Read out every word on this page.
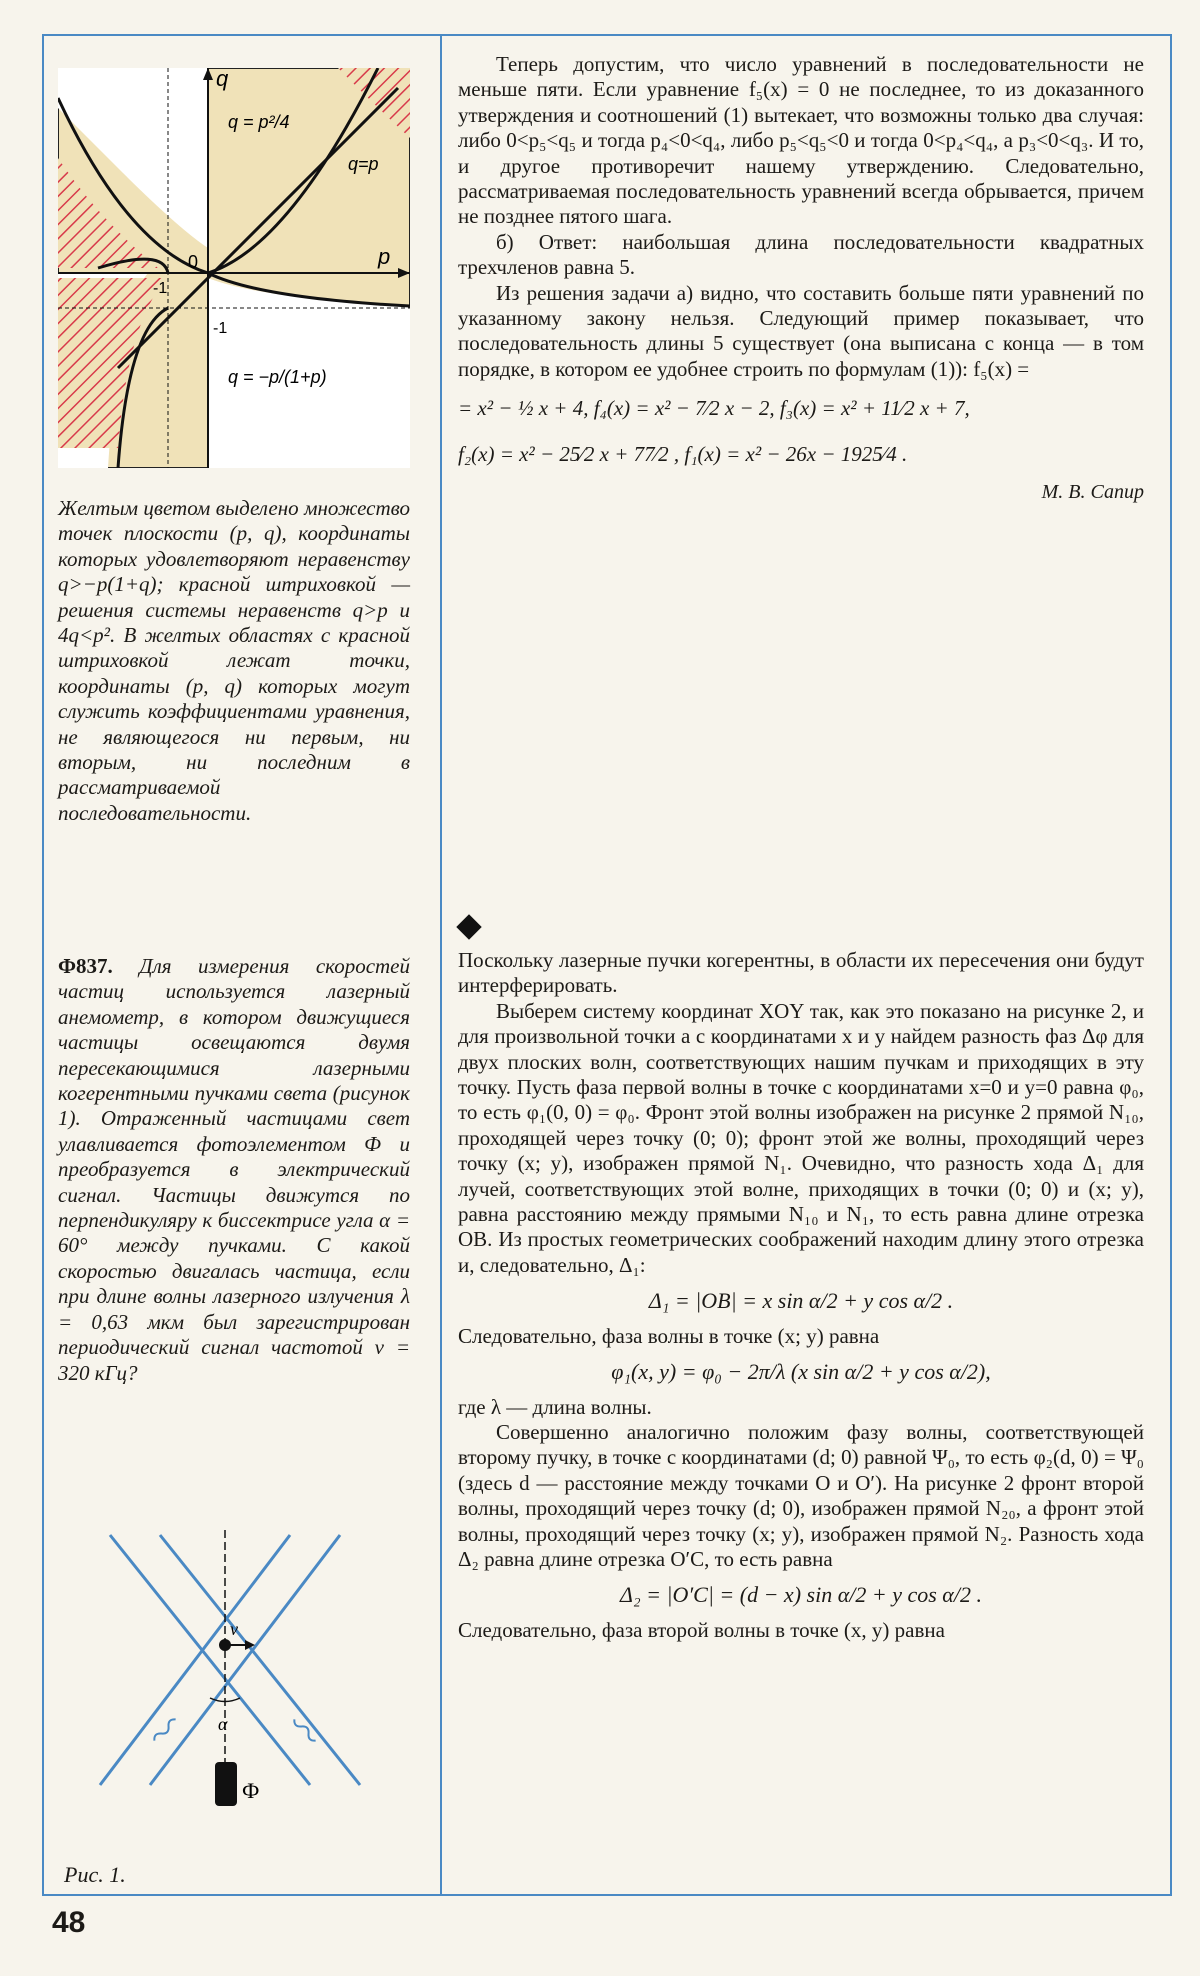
q
p
0
-1
-1
q = p²/4
q=p
q = −p/(1+p)
Желтым цветом выделено множество точек плоскости (p, q), координаты которых удовлетворяют неравенству q>−p(1+q); красной штриховкой — решения системы неравенств q>p и 4q<p². В желтых областях с красной штриховкой лежат точки, координаты (p, q) которых могут служить коэффициентами уравнения, не являющегося ни первым, ни вторым, ни последним в рассматриваемой последовательности.
Ф837. Для измерения скоростей частиц используется лазерный анемометр, в котором движущиеся частицы освещаются двумя пересекающимися лазерными когерентными пучками света (рисунок 1). Отраженный частицами свет улавливается фотоэлементом Ф и преобразуется в электрический сигнал. Частицы движутся по перпендикуляру к биссектрисе угла α = 60° между пучками. С какой скоростью двигалась частица, если при длине волны лазерного излучения λ = 0,63 мкм был зарегистрирован периодический сигнал частотой ν = 320 кГц?
v
α
Ф
Рис. 1.

Теперь допустим, что число уравнений в последовательности не меньше пяти. Если уравнение f₅(x) = 0 не последнее, то из доказанного утверждения и соотношений (1) вытекает, что возможны только два случая: либо 0<p₅<q₅ и тогда p₄<0<q₄, либо p₅<q₅<0 и тогда 0<p₄<q₄, а p₃<0<q₃. И то, и другое противоречит нашему утверждению. Следовательно, рассматриваемая последовательность уравнений всегда обрывается, причем не позднее пятого шага.

б) Ответ: наибольшая длина последовательности квадратных трехчленов равна 5.

Из решения задачи а) видно, что составить больше пяти уравнений по указанному закону нельзя. Следующий пример показывает, что последовательность длины 5 существует (она выписана с конца — в том порядке, в котором ее удобнее строить по формулам (1)): f₅(x) =

= x² − ½ x + 4, f₄(x) = x² − 7⁄2 x − 2, f₃(x) = x² + 11⁄2 x + 7,
f₂(x) = x² − 25⁄2 x + 77⁄2 , f₁(x) = x² − 26x − 1925⁄4 .
М. В. Сапир

Поскольку лазерные пучки когерентны, в области их пересечения они будут интерферировать.

Выберем систему координат XOY так, как это показано на рисунке 2, и для произвольной точки a с координатами x и y найдем разность фаз Δφ для двух плоских волн, соответствующих нашим пучкам и приходящих в эту точку. Пусть фаза первой волны в точке с координатами x=0 и y=0 равна φ₀, то есть φ₁(0, 0) = φ₀. Фронт этой волны изображен на рисунке 2 прямой N₁₀, проходящей через точку (0; 0); фронт этой же волны, проходящий через точку (x; y), изображен прямой N₁. Очевидно, что разность хода Δ₁ для лучей, соответствующих этой волне, приходящих в точки (0; 0) и (x; y), равна расстоянию между прямыми N₁₀ и N₁, то есть равна длине отрезка OB. Из простых геометрических соображений находим длину этого отрезка и, следовательно, Δ₁:

Δ₁ = |OB| = x sin α/2 + y cos α/2 .

Следовательно, фаза волны в точке (x; y) равна

φ₁(x, y) = φ₀ − 2π/λ (x sin α/2 + y cos α/2),

где λ — длина волны.

Совершенно аналогично положим фазу волны, соответствующей второму пучку, в точке с координатами (d; 0) равной Ψ₀, то есть φ₂(d, 0) = Ψ₀ (здесь d — расстояние между точками O и O′). На рисунке 2 фронт второй волны, проходящий через точку (d; 0), изображен прямой N₂₀, а фронт этой волны, проходящий через точку (x; y), изображен прямой N₂. Разность хода Δ₂ равна длине отрезка O′C, то есть равна

Δ₂ = |O′C| = (d − x) sin α/2 + y cos α/2 .

Следовательно, фаза второй волны в точке (x, y) равна

48
